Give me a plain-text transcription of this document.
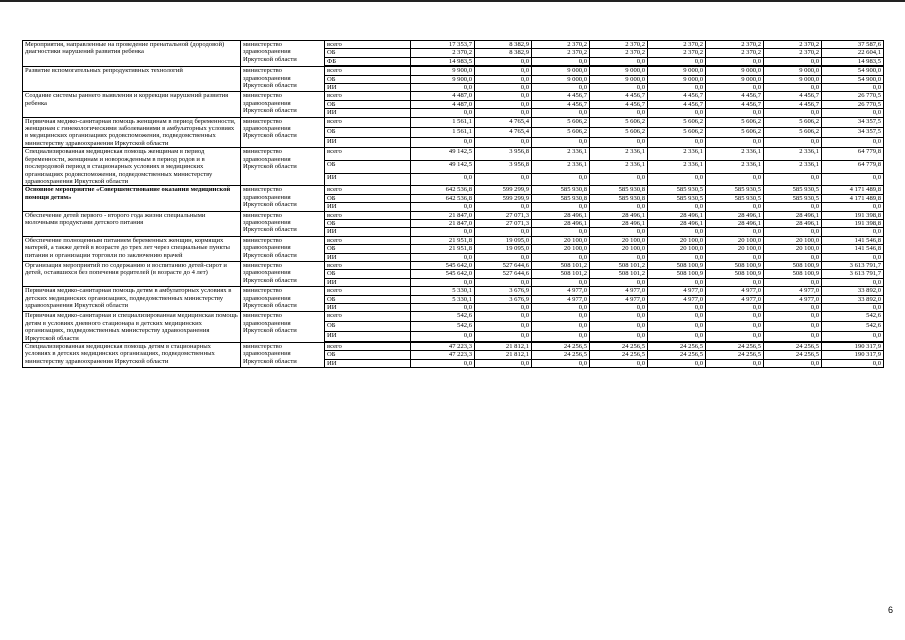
Мероприятия, направленные на проведение пренатальной (дородовой) диагностики нарушений развития ребенка	министерство здравоохранения Иркутской области	всего	17 353,7	8 382,9	2 370,2	2 370,2	2 370,2	2 370,2	2 370,2	37 587,6
		ОБ	2 370,2	8 382,9	2 370,2	2 370,2	2 370,2	2 370,2	2 370,2	22 604,1
		ФБ	14 983,5	0,0	0,0	0,0	0,0	0,0	0,0	14 983,5

Развитие вспомогательных репродуктивных технологий	министерство здравоохранения Иркутской области	всего	9 900,0	0,0	9 000,0	9 000,0	9 000,0	9 000,0	9 000,0	54 900,0
		ОБ	9 900,0	0,0	9 000,0	9 000,0	9 000,0	9 000,0	9 000,0	54 900,0
		ИИ	0,0	0,0	0,0	0,0	0,0	0,0	0,0	0,0
Создание системы раннего выявления и коррекции нарушений развития ребенка	министерство здравоохранения Иркутской области	всего	4 487,0	0,0	4 456,7	4 456,7	4 456,7	4 456,7	4 456,7	26 770,5
		ОБ	4 487,0	0,0	4 456,7	4 456,7	4 456,7	4 456,7	4 456,7	26 770,5
		ИИ	0,0	0,0	0,0	0,0	0,0	0,0	0,0	0,0
Первичная медико-санитарная помощь женщинам в период беременности, женщинам с гинекологическими заболеваниями в амбулаторных условиях в медицинских организациях родовспоможения, подведомственных министерству здравоохранения Иркутской области	министерство здравоохранения Иркутской области	всего	1 561,1	4 765,4	5 606,2	5 606,2	5 606,2	5 606,2	5 606,2	34 357,5
		ОБ	1 561,1	4 765,4	5 606,2	5 606,2	5 606,2	5 606,2	5 606,2	34 357,5
		ИИ	0,0	0,0	0,0	0,0	0,0	0,0	0,0	0,0
Специализированная медицинская помощь женщинам в период беременности, женщинам и новорожденным в период родов и в послеродовой период в стационарных условиях в медицинских организациях родовспоможения, подведомственных министерству здравоохранения Иркутской области	министерство здравоохранения Иркутской области	всего	49 142,5	3 956,8	2 336,1	2 336,1	2 336,1	2 336,1	2 336,1	64 779,8
		ОБ	49 142,5	3 956,8	2 336,1	2 336,1	2 336,1	2 336,1	2 336,1	64 779,8
		ИИ	0,0	0,0	0,0	0,0	0,0	0,0	0,0	0,0
Основное мероприятие «Совершенствование оказания медицинской помощи детям»	министерство здравоохранения Иркутской области	всего	642 536,8	599 299,9	585 930,8	585 930,8	585 930,5	585 930,5	585 930,5	4 171 489,8
		ОБ	642 536,8	599 299,9	585 930,8	585 930,8	585 930,5	585 930,5	585 930,5	4 171 489,8
		ИИ	0,0	0,0	0,0	0,0	0,0	0,0	0,0	0,0
Обеспечение детей первого - второго года жизни специальными молочными продуктами детского питания	министерство здравоохранения Иркутской области	всего	21 847,0	27 071,3	28 496,1	28 496,1	28 496,1	28 496,1	28 496,1	191 398,8
		ОБ	21 847,0	27 071,3	28 496,1	28 496,1	28 496,1	28 496,1	28 496,1	191 398,8
		ИИ	0,0	0,0	0,0	0,0	0,0	0,0	0,0	0,0
Обеспечение полноценным питанием беременных женщин, кормящих матерей, а также детей в возрасте до трех лет через специальные пункты питания и организации торговли по заключению врачей	министерство здравоохранения Иркутской области	всего	21 951,8	19 095,0	20 100,0	20 100,0	20 100,0	20 100,0	20 100,0	141 546,8
		ОБ	21 951,8	19 095,0	20 100,0	20 100,0	20 100,0	20 100,0	20 100,0	141 546,8
		ИИ	0,0	0,0	0,0	0,0	0,0	0,0	0,0	0,0
Организация мероприятий по содержанию и воспитанию детей-сирот и детей, оставшихся без попечения родителей (в возрасте до 4 лет)	министерство здравоохранения Иркутской области	всего	545 642,0	527 644,6	508 101,2	508 101,2	508 100,9	508 100,9	508 100,9	3 613 791,7
		ОБ	545 642,0	527 644,6	508 101,2	508 101,2	508 100,9	508 100,9	508 100,9	3 613 791,7
		ИИ	0,0	0,0	0,0	0,0	0,0	0,0	0,0	0,0
Первичная медико-санитарная помощь детям в амбулаторных условиях в детских медицинских организациях, подведомственных министерству здравоохранения Иркутской области	министерство здравоохранения Иркутской области	всего	5 330,1	3 676,9	4 977,0	4 977,0	4 977,0	4 977,0	4 977,0	33 892,0
		ОБ	5 330,1	3 676,9	4 977,0	4 977,0	4 977,0	4 977,0	4 977,0	33 892,0
		ИИ	0,0	0,0	0,0	0,0	0,0	0,0	0,0	0,0
Первичная медико-санитарная и специализированная медицинская помощь детям в условиях дневного стационара в детских медицинских организациях, подведомственных министерству здравоохранения Иркутской области	министерство здравоохранения Иркутской области	всего	542,6	0,0	0,0	0,0	0,0	0,0	0,0	542,6
		ОБ	542,6	0,0	0,0	0,0	0,0	0,0	0,0	542,6
		ИИ	0,0	0,0	0,0	0,0	0,0	0,0	0,0	0,0

Специализированная медицинская помощь детям в стационарных условиях в детских медицинских организациях, подведомственных министерству здравоохранения Иркутской области	министерство здравоохранения Иркутской области	всего	47 223,3	21 812,1	24 256,5	24 256,5	24 256,5	24 256,5	24 256,5	190 317,9
		ОБ	47 223,3	21 812,1	24 256,5	24 256,5	24 256,5	24 256,5	24 256,5	190 317,9
		ИИ	0,0	0,0	0,0	0,0	0,0	0,0	0,0	0,0
6
